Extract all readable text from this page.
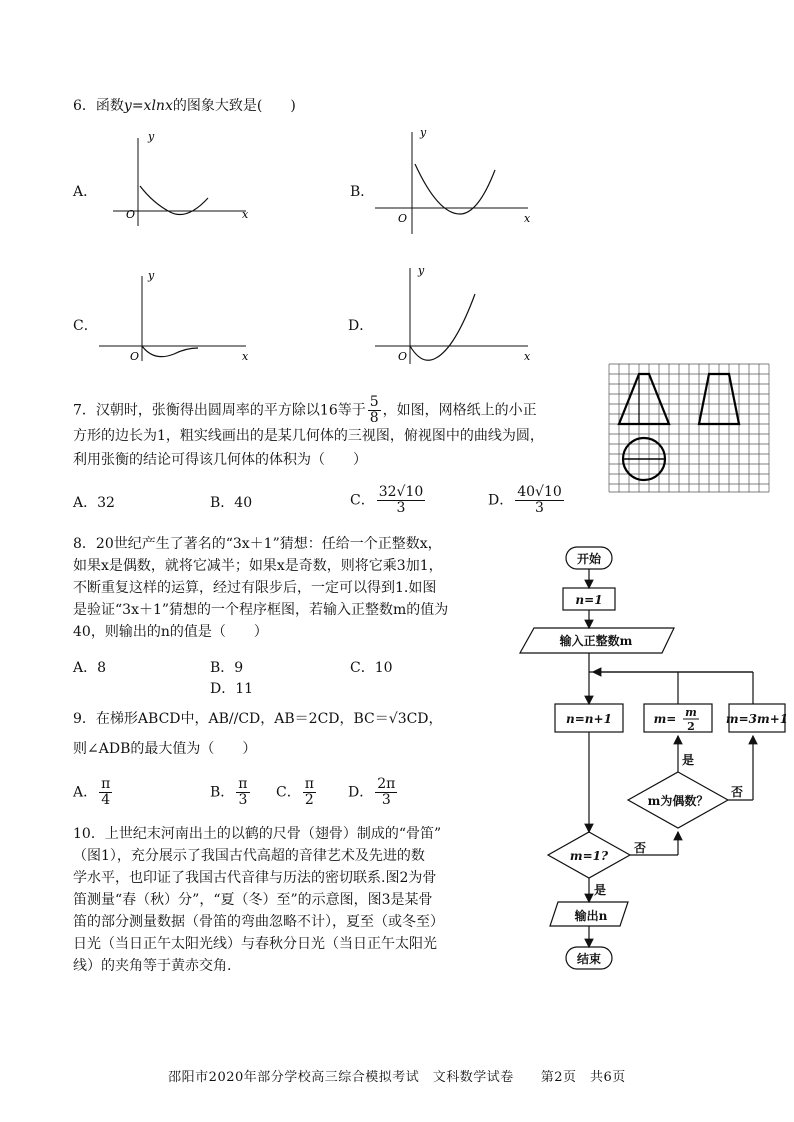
6．函数y=xlnx的图象大致是(　　)
A．
y
x
O
B．
y
x
O
C．
y
x
O
D．
y
x
O
7．汉朝时，张衡得出圆周率的平方除以16等于 $\frac{5}{8}$ ，如图，网格纸上的小正
方形的边长为1，粗实线画出的是某几何体的三视图，俯视图中的曲线为圆，
利用张衡的结论可得该几何体的体积为（　　）
A．32	B．40	C． $\frac{32√10}{3}$	D． $\frac{40√10}{3}$
8．20世纪产生了著名的“3x＋1”猜想：任给一个正整数x，
如果x是偶数，就将它减半；如果x是奇数，则将它乘3加1，
不断重复这样的运算，经过有限步后，一定可以得到1.如图
是验证“3x＋1”猜想的一个程序框图，若输入正整数m的值为
40，则输出的n的值是（　　）
A．8	B．9	C．10
D．11
开始
n=1
输入正整数m
n=n+1	m= m
2
m=3m+1
m为偶数？
m=1?
输出n
结束
是
否
否
是
9．在梯形ABCD中，AB//CD，AB＝2CD，BC＝√3CD，
则∠ADB的最大值为（　　）
A． $\frac{\pi}{4}$	B． $\frac{\pi}{3}$ C． $\frac{\pi}{2}$ D． $\frac{2\pi}{3}$
10．上世纪末河南出土的以鹤的尺骨（翅骨）制成的“骨笛”
（图1），充分展示了我国古代高超的音律艺术及先进的数
学水平，也印证了我国古代音律与历法的密切联系.图2为骨
笛测量“春（秋）分”，“夏（冬）至”的示意图，图3是某骨
笛的部分测量数据（骨笛的弯曲忽略不计），夏至（或冬至）
日光（当日正午太阳光线）与春秋分日光（当日正午太阳光
线）的夹角等于黄赤交角.
邵阳市2020年部分学校高三综合模拟考试　文科数学试卷　　第2页　共6页
